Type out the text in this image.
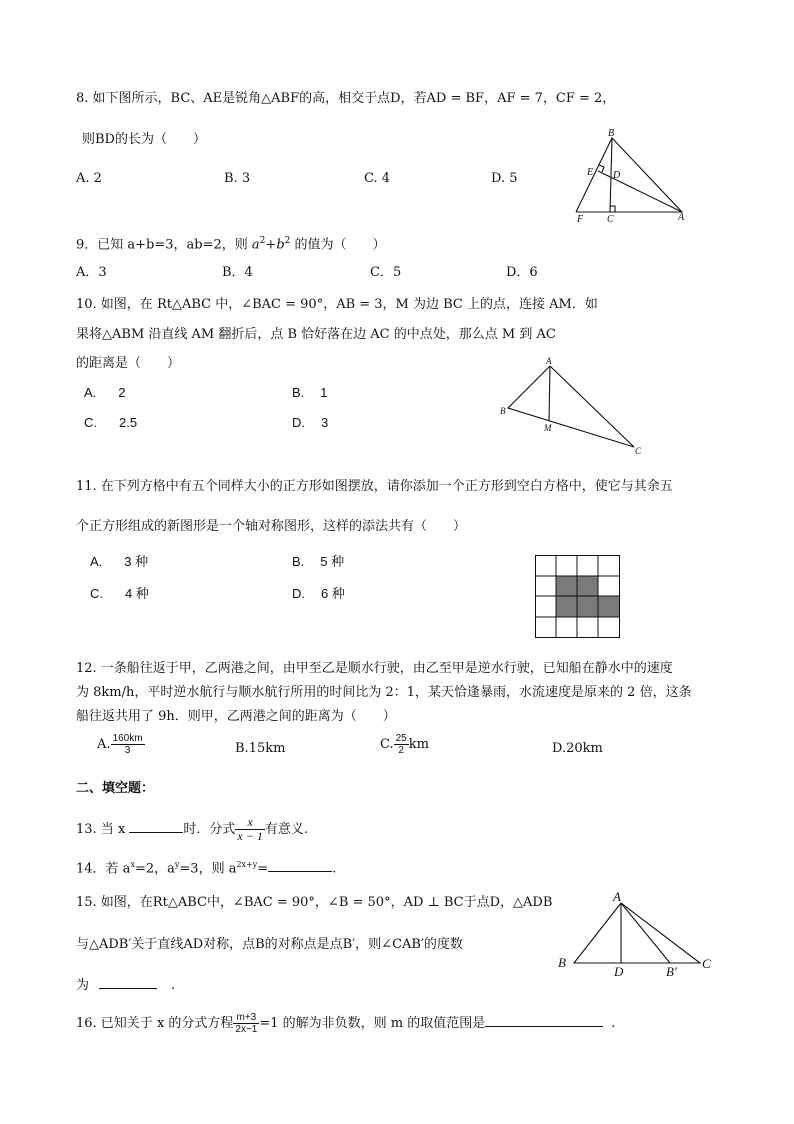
8. 如下图所示，BC、AE是锐角△ABF的高，相交于点D，若AD = BF，AF = 7，CF = 2，
则BD的长为（　　）
A. 2	B. 3	C. 4	D. 5
B
E D
F C	A
9．已知 a+b=3，ab=2，则 $a^2+b^2$ 的值为（　　）
A．3	B．4	C．5	D．6
10. 如图，在 Rt△ABC 中，∠BAC = 90°，AB = 3，M 为边 BC 上的点，连接 AM．如
果将△ABM 沿直线 AM 翻折后，点 B 恰好落在边 AC 的中点处，那么点 M 到 AC
的距离是（　　）
A. 2	B. 1
C. 2.5	D. 3
A
B
M
C
11. 在下列方格中有五个同样大小的正方形如图摆放，请你添加一个正方形到空白方格中，使它与其余五
个正方形组成的新图形是一个轴对称图形，这样的添法共有（　　）
A. 3 种	B. 5 种
C. 4 种	D. 6 种
12. 一条船往返于甲，乙两港之间，由甲至乙是顺水行驶，由乙至甲是逆水行驶，已知船在静水中的速度
为 8km/h，平时逆水航行与顺水航行所用的时间比为 2：1，某天恰逢暴雨，水流速度是原来的 2 倍，这条
船往返共用了 9h．则甲，乙两港之间的距离为（　　）
A. $\frac{160km}{3}$	B.15km	C. $\frac{25}{2}$ km	D.20km
二、填空题：
13. 当 x	时．分式 $\frac{x}{x - 1}$ 有意义.
14．若 $a^x=2$，$a^y=3$，则 $a^{2x+y}=$	.
15. 如图，在Rt△ABC中，∠BAC = 90°，∠B = 50°，AD ⊥ BC于点D，△ADB
与△ADB′关于直线AD对称，点B的对称点是点B′，则∠CAB′的度数
为	.
A
B
D	B′
C
16. 已知关于 x 的分式方程 $\frac{m+3}{2x-1} =1$ 的解为非负数，则 m 的取值范围是	.
